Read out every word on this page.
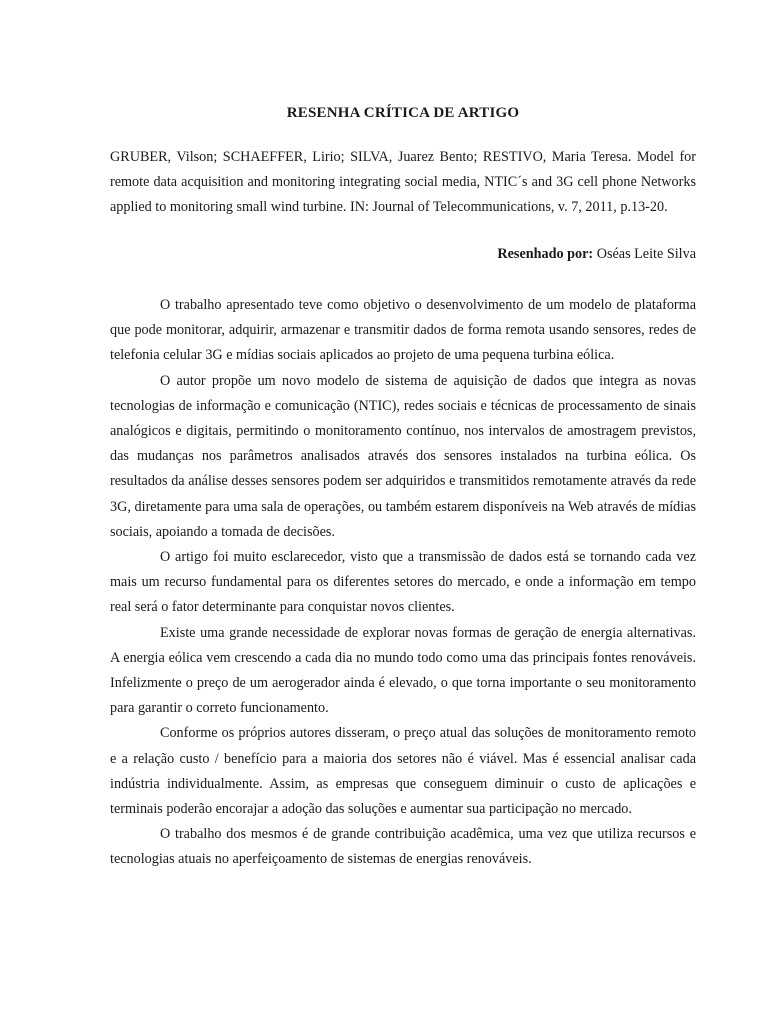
RESENHA CRÍTICA DE ARTIGO
GRUBER, Vilson; SCHAEFFER, Lirio; SILVA, Juarez Bento; RESTIVO, Maria Teresa. Model for remote data acquisition and monitoring integrating social media, NTIC´s and 3G cell phone Networks applied to monitoring small wind turbine. IN: Journal of Telecommunications, v. 7, 2011, p.13-20.
Resenhado por: Oséas Leite Silva

O trabalho apresentado teve como objetivo o desenvolvimento de um modelo de plataforma que pode monitorar, adquirir, armazenar e transmitir dados de forma remota usando sensores, redes de telefonia celular 3G e mídias sociais aplicados ao projeto de uma pequena turbina eólica.

O autor propõe um novo modelo de sistema de aquisição de dados que integra as novas tecnologias de informação e comunicação (NTIC), redes sociais e técnicas de processamento de sinais analógicos e digitais, permitindo o monitoramento contínuo, nos intervalos de amostragem previstos, das mudanças nos parâmetros analisados através dos sensores instalados na turbina eólica. Os resultados da análise desses sensores podem ser adquiridos e transmitidos remotamente através da rede 3G, diretamente para uma sala de operações, ou também estarem disponíveis na Web através de mídias sociais, apoiando a tomada de decisões.

O artigo foi muito esclarecedor, visto que a transmissão de dados está se tornando cada vez mais um recurso fundamental para os diferentes setores do mercado, e onde a informação em tempo real será o fator determinante para conquistar novos clientes.

Existe uma grande necessidade de explorar novas formas de geração de energia alternativas. A energia eólica vem crescendo a cada dia no mundo todo como uma das principais fontes renováveis. Infelizmente o preço de um aerogerador ainda é elevado, o que torna importante o seu monitoramento para garantir o correto funcionamento.

Conforme os próprios autores disseram, o preço atual das soluções de monitoramento remoto e a relação custo / benefício para a maioria dos setores não é viável. Mas é essencial analisar cada indústria individualmente. Assim, as empresas que conseguem diminuir o custo de aplicações e terminais poderão encorajar a adoção das soluções e aumentar sua participação no mercado.

O trabalho dos mesmos é de grande contribuição acadêmica, uma vez que utiliza recursos e tecnologias atuais no aperfeiçoamento de sistemas de energias renováveis.
